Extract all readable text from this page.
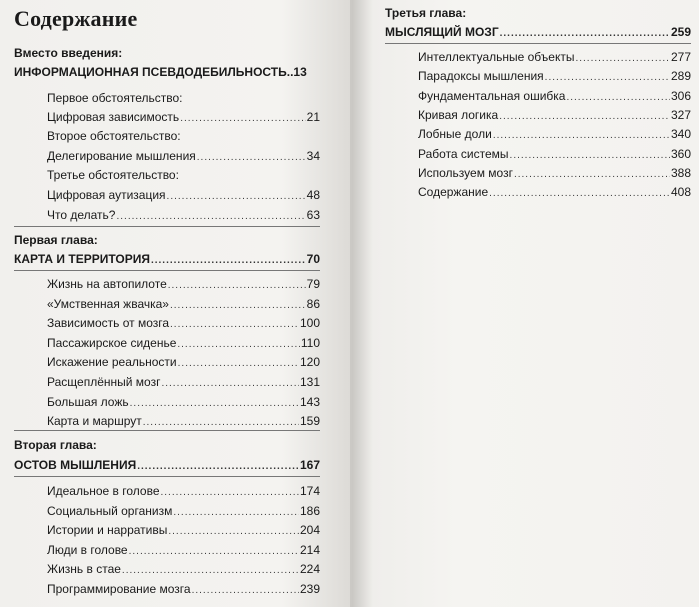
Содержание
Вместо введения:
ИНФОРМАЦИОННАЯ ПСЕВДОДЕБИЛЬНОСТЬ.. 13
Первое обстоятельство:
Цифровая зависимость .....	21
Второе обстоятельство:
Делегирование мышления .....	34
Третье обстоятельство:
Цифровая аутизация .....	48
Что делать? .....	63
Первая глава:
КАРТА И ТЕРРИТОРИЯ .....	70
Жизнь на автопилоте .....	79
«Умственная жвачка» .....	86
Зависимость от мозга .....	100
Пассажирское сиденье .....	110
Искажение реальности .....	120
Расщеплённый мозг .....	131
Большая ложь .....	143
Карта и маршрут .....	159
Вторая глава:
ОСТОВ МЫШЛЕНИЯ .....	167
Идеальное в голове .....	174
Социальный организм .....	186
Истории и нарративы .....	204
Люди в голове .....	214
Жизнь в стае .....	224
Программирование мозга .....	239
Третья глава:
МЫСЛЯЩИЙ МОЗГ .....	259
Интеллектуальные объекты .....	277
Парадоксы мышления .....	289
Фундаментальная ошибка .....	306
Кривая логика .....	327
Лобные доли .....	340
Работа системы .....	360
Используем мозг .....	388
Содержание .....	408
